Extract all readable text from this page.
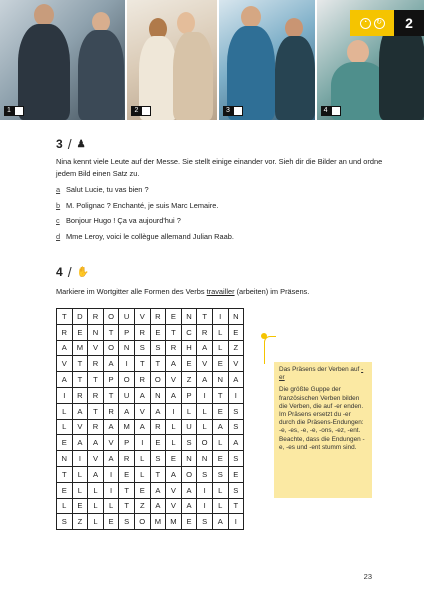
1	2	3	4
◔	↻	2
3 / ♟
Nina kennt viele Leute auf der Messe. Sie stellt einige einander vor. Sieh dir die Bilder an und ordne jedem Bild einen Satz zu.
a Salut Lucie, tu vas bien ?
b M. Polignac ? Enchanté, je suis Marc Lemaire.
c Bonjour Hugo ! Ça va aujourd'hui ?
d Mme Leroy, voici le collègue allemand Julian Raab.
4 / ✋
Markiere im Wortgitter alle Formen des Verbs travailler (arbeiten) im Präsens.
T	D	R	O	U	V	R	E	N	T	I	N
R	E	N	T	P	R	E	T	C	R	L	E
A	M	V	O	N	S	S	R	H	A	L	Z
V	T	R	A	I	T	T	A	E	V	E	V
A	T	T	P	O	R	O	V	Z	A	N	A
I	R	R	T	U	A	N	A	P	I	T	I
L	A	T	R	A	V	A	I	L	L	E	S
L	V	R	A	M	A	R	L	U	L	A	S
E	A	A	V	P	I	E	L	S	O	L	A
N	I	V	A	R	L	S	E	N	N	E	S
T	L	A	I	E	L	T	A	O	S	S	E
E	L	L	I	T	E	A	V	A	I	L	S
L	E	L	L	T	Z	A	V	A	I	L	T
S	Z	L	E	S	O	M	M	E	S	A	I
Das Präsens der Verben auf -er
Die größte Guppe der französischen Verben bilden die Verben, die auf -er enden. Im Präsens ersetzt du -er durch die Präsens-Endungen: -e, -es, -e, -e, -ons, -ez, -ent. Beachte, dass die Endungen -e, -es und -ent stumm sind.
23
